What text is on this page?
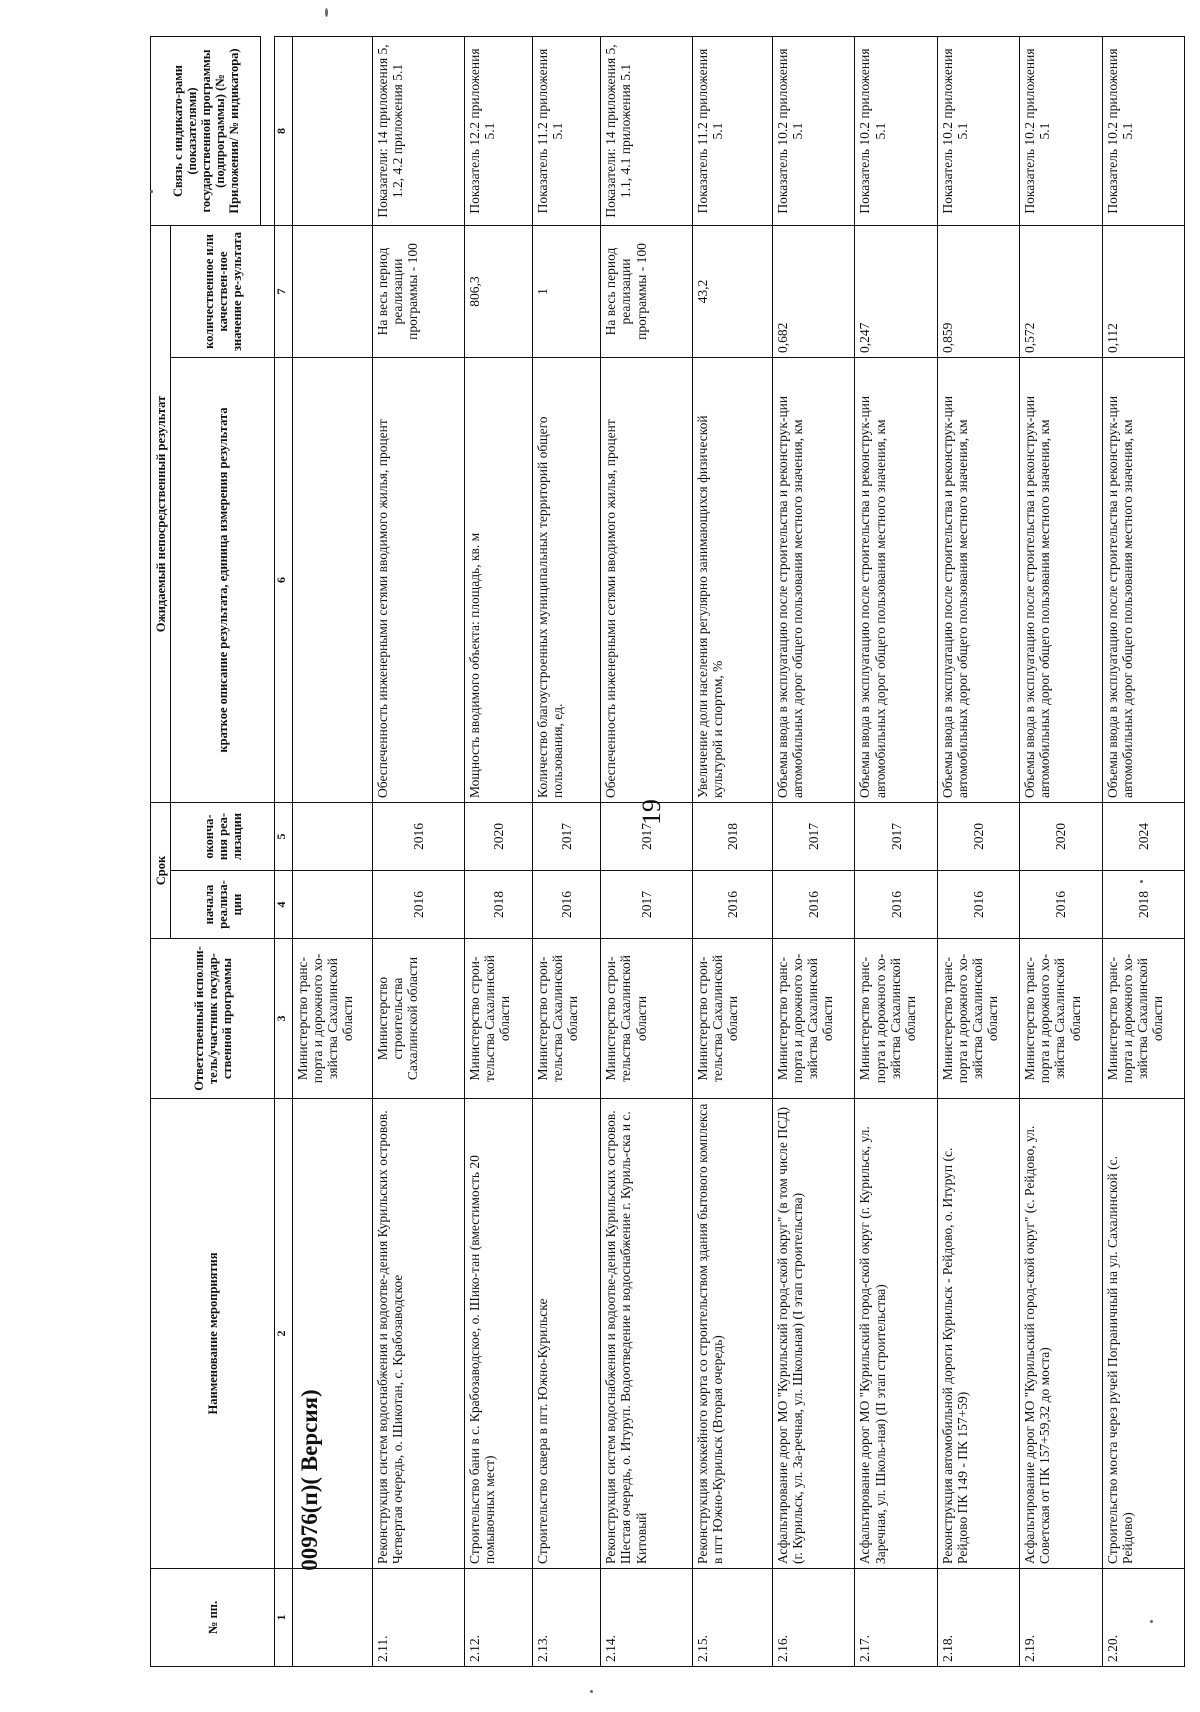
19
00976(п)( Версия)
№ пп.	Наименование мероприятия	Ответственный исполни-тель/участник государ-ственной программы	Срок		Ожидаемый непосредственный результат		Связь с индикато-рами (показателями) государственной программы (подпрограммы) (№ Приложения/ № индикатора)
			начала реализа-ции	оконча-ния реа-лизации	краткое описание результата, единица измерения результата	количественное или качествен-ное значение ре-зультата	

1	2	3	4	5	6	7	8
		Министерство транс-порта и дорожного хо-зяйства Сахалинской области					
2.11.	Реконструкция систем водоснабжения и водоотве-дения Курильских островов. Четвертая очередь, о. Шикотан, с. Крабозаводское	Министерство строительства Сахалинской области	2016	2016	Обеспеченность инженерными сетями вводимого жилья, процент	На весь период реализации программы - 100	Показатели: 14 приложения 5, 1.2, 4.2 приложения 5.1
2.12.	Строительство бани в с. Крабозаводское, о. Шико-тан (вместимость 20 помывочных мест)	Министерство строи-тельства Сахалинской области	2018	2020	Мощность вводимого объекта: площадь, кв. м	806,3	Показатель 12.2 приложения 5.1
2.13.	Строительство сквера в пгт. Южно-Курильске	Министерство строи-тельства Сахалинской области	2016	2017	Количество благоустроенных муниципальных территорий общего пользования, ед.	1	Показатель 11.2 приложения 5.1
2.14.	Реконструкция систем водоснабжения и водоотве-дения Курильских островов. Шестая очередь, о. Итуруп. Водоотведение и водоснабжение г. Куриль-ска и с. Китовый	Министерство строи-тельства Сахалинской области	2017	2017	Обеспеченность инженерными сетями вводимого жилья, процент	На весь период реализации программы - 100	Показатели: 14 приложения 5, 1.1, 4.1 приложения 5.1
2.15.	Реконструкция хоккейного корта со строительством здания бытового комплекса в пгт Южно-Курильск (Вторая очередь)	Министерство строи-тельства Сахалинской области	2016	2018	Увеличение доли населения регулярно занимающихся физической культурой и спортом, %	43,2	Показатель 11.2 приложения 5.1
2.16.	Асфальтирование дорог МО "Курильский город-ской округ" (в том числе ПСД) (г. Курильск, ул. За-речная, ул. Школьная) (I этап строительства)	Министерство транс-порта и дорожного хо-зяйства Сахалинской области	2016	2017	Объемы ввода в эксплуатацию после строительства и реконструк-ции автомобильных дорог общего пользования местного значения, км	0,682	Показатель 10.2 приложения 5.1
2.17.	Асфальтирование дорог МО "Курильский город-ской округ (г. Курильск, ул. Заречная, ул. Школь-ная) (II этап строительства)	Министерство транс-порта и дорожного хо-зяйства Сахалинской области	2016	2017	Объемы ввода в эксплуатацию после строительства и реконструк-ции автомобильных дорог общего пользования местного значения, км	0,247	Показатель 10.2 приложения 5.1
2.18.	Реконструкция автомобильной дороги Курильск - Рейдово, о. Итуруп (с. Рейдово ПК 149 - ПК 157+59)	Министерство транс-порта и дорожного хо-зяйства Сахалинской области	2016	2020	Объемы ввода в эксплуатацию после строительства и реконструк-ции автомобильных дорог общего пользования местного значения, км	0,859	Показатель 10.2 приложения 5.1
2.19.	Асфальтирование дорог МО "Курильский город-ской округ" (с. Рейдово, ул. Советская от ПК 157+59,32 до моста)	Министерство транс-порта и дорожного хо-зяйства Сахалинской области	2016	2020	Объемы ввода в эксплуатацию после строительства и реконструк-ции автомобильных дорог общего пользования местного значения, км	0,572	Показатель 10.2 приложения 5.1
2.20.	Строительство моста через ручей Пограничный на ул. Сахалинской (с. Рейдово)	Министерство транс-порта и дорожного хо-зяйства Сахалинской области	2018	2024	Объемы ввода в эксплуатацию после строительства и реконструк-ции автомобильных дорог общего пользования местного значения, км	0,112	Показатель 10.2 приложения 5.1
